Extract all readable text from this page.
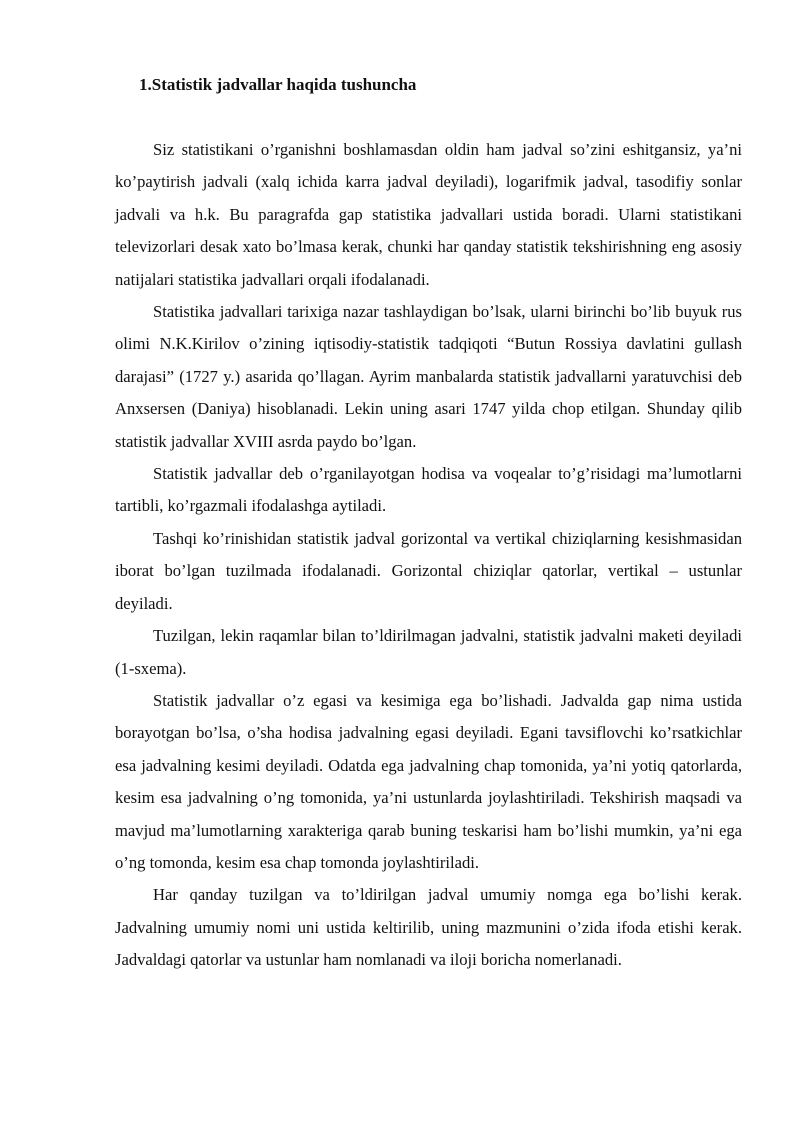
1.Statistik jadvallar haqida tushuncha

Siz statistikani o’rganishni boshlamasdan oldin ham jadval so’zini eshitgansiz, ya’ni ko’paytirish jadvali (xalq ichida karra jadval deyiladi), logarifmik jadval, tasodifiy sonlar jadvali va h.k. Bu paragrafda gap statistika jadvallari ustida boradi. Ularni statistikani televizorlari desak xato bo’lmasa kerak, chunki har qanday statistik tekshirishning eng asosiy natijalari statistika jadvallari orqali ifodalanadi.

Statistika jadvallari tarixiga nazar tashlaydigan bo’lsak, ularni birinchi bo’lib buyuk rus olimi N.K.Kirilov o’zining iqtisodiy-statistik tadqiqoti “Butun Rossiya davlatini gullash darajasi” (1727 y.) asarida qo’llagan. Ayrim manbalarda statistik jadvallarni yaratuvchisi deb Anxsersen (Daniya) hisoblanadi. Lekin uning asari 1747 yilda chop etilgan. Shunday qilib statistik jadvallar XVIII asrda paydo bo’lgan.

Statistik jadvallar deb o’rganilayotgan hodisa va voqealar to’g’risidagi ma’lumotlarni tartibli, ko’rgazmali ifodalashga aytiladi.

Tashqi ko’rinishidan statistik jadval gorizontal va vertikal chiziqlarning kesishmasidan iborat bo’lgan tuzilmada ifodalanadi. Gorizontal chiziqlar qatorlar, vertikal – ustunlar deyiladi.

Tuzilgan, lekin raqamlar bilan to’ldirilmagan jadvalni, statistik jadvalni maketi deyiladi (1-sxema).

Statistik jadvallar o’z egasi va kesimiga ega bo’lishadi. Jadvalda gap nima ustida borayotgan bo’lsa, o’sha hodisa jadvalning egasi deyiladi. Egani tavsiflovchi ko’rsatkichlar esa jadvalning kesimi deyiladi. Odatda ega jadvalning chap tomonida, ya’ni yotiq qatorlarda, kesim esa jadvalning o’ng tomonida, ya’ni ustunlarda joylashtiriladi. Tekshirish maqsadi va mavjud ma’lumotlarning xarakteriga qarab buning teskarisi ham bo’lishi mumkin, ya’ni ega o’ng tomonda, kesim esa chap tomonda joylashtiriladi.

Har qanday tuzilgan va to’ldirilgan jadval umumiy nomga ega bo’lishi kerak. Jadvalning umumiy nomi uni ustida keltirilib, uning mazmunini o’zida ifoda etishi kerak. Jadvaldagi qatorlar va ustunlar ham nomlanadi va iloji boricha nomerlanadi.
